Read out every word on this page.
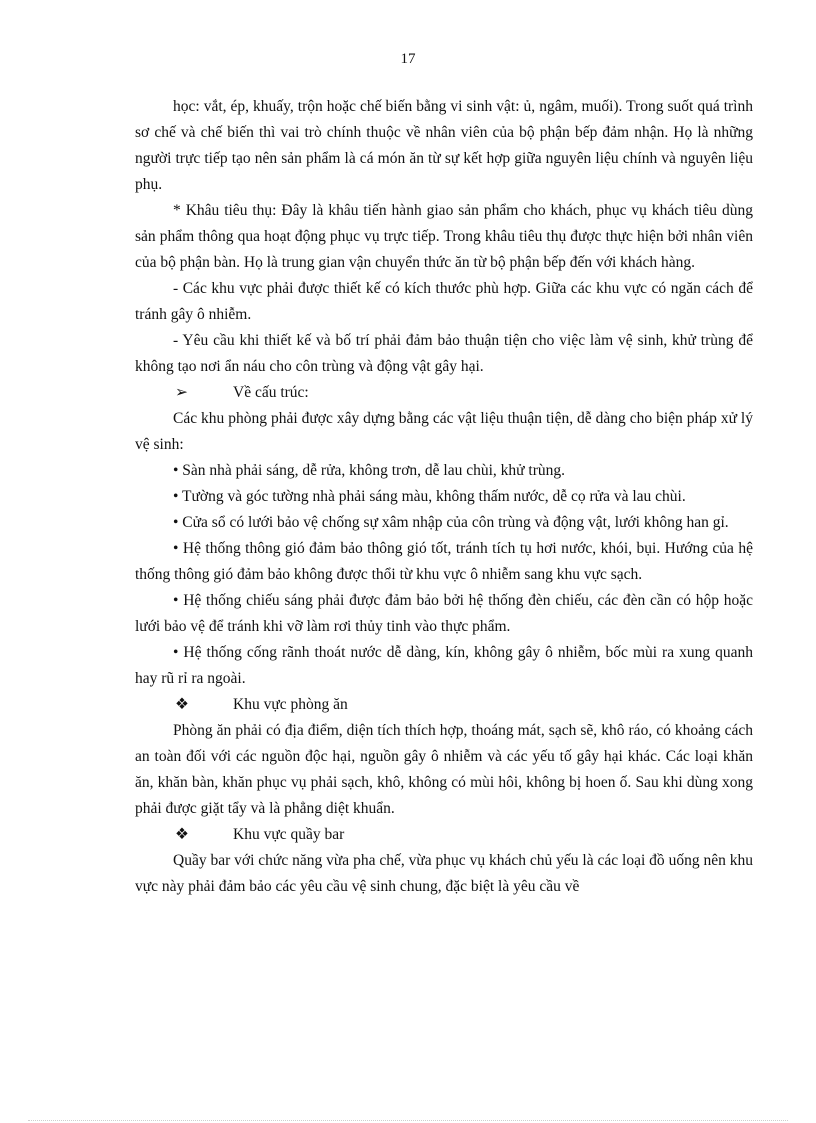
17

học: vắt, ép, khuấy, trộn hoặc chế biến bằng vi sinh vật: ủ, ngâm, muối). Trong suốt quá trình sơ chế và chế biến thì vai trò chính thuộc về nhân viên của bộ phận bếp đảm nhận. Họ là những người trực tiếp tạo nên sản phẩm là cá món ăn từ sự kết hợp giữa nguyên liệu chính và nguyên liệu phụ.

* Khâu tiêu thụ: Đây là khâu tiến hành giao sản phẩm cho khách, phục vụ khách tiêu dùng sản phẩm thông qua hoạt động phục vụ trực tiếp. Trong khâu tiêu thụ được thực hiện bởi nhân viên của bộ phận bàn. Họ là trung gian vận chuyển thức ăn từ bộ phận bếp đến với khách hàng.

- Các khu vực phải được thiết kế có kích thước phù hợp. Giữa các khu vực có ngăn cách để tránh gây ô nhiễm.

- Yêu cầu khi thiết kế và bố trí phải đảm bảo thuận tiện cho việc làm vệ sinh, khử trùng để không tạo nơi ẩn náu cho côn trùng và động vật gây hại.

➢	Về cấu trúc:

Các khu phòng phải được xây dựng bằng các vật liệu thuận tiện, dễ dàng cho biện pháp xử lý vệ sinh:

• Sàn nhà phải sáng, dễ rửa, không trơn, dễ lau chùi, khử trùng.

• Tường và góc tường nhà phải sáng màu, không thấm nước, dễ cọ rửa và lau chùi.

• Cửa sổ có lưới bảo vệ chống sự xâm nhập của côn trùng và động vật, lưới không han gỉ.

• Hệ thống thông gió đảm bảo thông gió tốt, tránh tích tụ hơi nước, khói, bụi. Hướng của hệ thống thông gió đảm bảo không được thổi từ khu vực ô nhiễm sang khu vực sạch.

• Hệ thống chiếu sáng phải được đảm bảo bởi hệ thống đèn chiếu, các đèn cần có hộp hoặc lưới bảo vệ để tránh khi vỡ làm rơi thủy tinh vào thực phẩm.

• Hệ thống cống rãnh thoát nước dễ dàng, kín, không gây ô nhiễm, bốc mùi ra xung quanh hay rũ rỉ ra ngoài.

❖	Khu vực phòng ăn

Phòng ăn phải có địa điểm, diện tích thích hợp, thoáng mát, sạch sẽ, khô ráo, có khoảng cách an toàn đối với các nguồn độc hại, nguồn gây ô nhiễm và các yếu tố gây hại khác. Các loại khăn ăn, khăn bàn, khăn phục vụ phải sạch, khô, không có mùi hôi, không bị hoen ố. Sau khi dùng xong phải được giặt tẩy và là phẳng diệt khuẩn.

❖	Khu vực quầy bar

Quầy bar với chức năng vừa pha chế, vừa phục vụ khách chủ yếu là các loại đồ uống nên khu vực này phải đảm bảo các yêu cầu vệ sinh chung, đặc biệt là yêu cầu về
